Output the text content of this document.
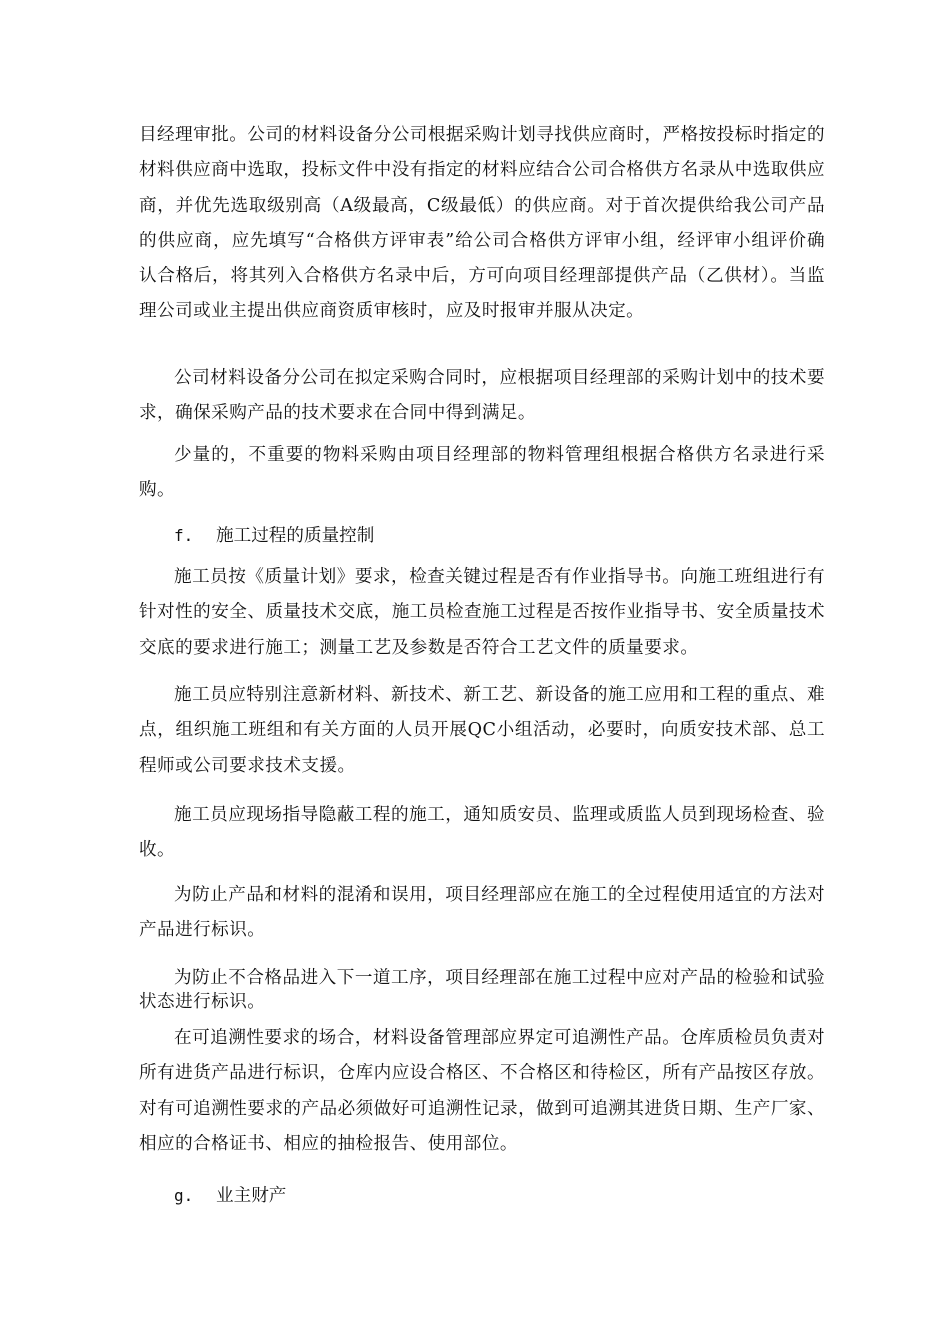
目经理审批。公司的材料设备分公司根据采购计划寻找供应商时，严格按投标时指定的材料供应商中选取，投标文件中没有指定的材料应结合公司合格供方名录从中选取供应商，并优先选取级别高（A级最高，C级最低）的供应商。对于首次提供给我公司产品的供应商，应先填写“合格供方评审表”给公司合格供方评审小组，经评审小组评价确认合格后，将其列入合格供方名录中后，方可向项目经理部提供产品（乙供材）。当监理公司或业主提出供应商资质审核时，应及时报审并服从决定。

公司材料设备分公司在拟定采购合同时，应根据项目经理部的采购计划中的技术要求，确保采购产品的技术要求在合同中得到满足。

少量的，不重要的物料采购由项目经理部的物料管理组根据合格供方名录进行采购。

f. 施工过程的质量控制

施工员按《质量计划》要求，检查关键过程是否有作业指导书。向施工班组进行有针对性的安全、质量技术交底，施工员检查施工过程是否按作业指导书、安全质量技术交底的要求进行施工；测量工艺及参数是否符合工艺文件的质量要求。

施工员应特别注意新材料、新技术、新工艺、新设备的施工应用和工程的重点、难点，组织施工班组和有关方面的人员开展QC小组活动，必要时，向质安技术部、总工程师或公司要求技术支援。

施工员应现场指导隐蔽工程的施工，通知质安员、监理或质监人员到现场检查、验收。

为防止产品和材料的混淆和误用，项目经理部应在施工的全过程使用适宜的方法对产品进行标识。

为防止不合格品进入下一道工序，项目经理部在施工过程中应对产品的检验和试验状态进行标识。

在可追溯性要求的场合，材料设备管理部应界定可追溯性产品。仓库质检员负责对所有进货产品进行标识，仓库内应设合格区、不合格区和待检区，所有产品按区存放。对有可追溯性要求的产品必须做好可追溯性记录，做到可追溯其进货日期、生产厂家、相应的合格证书、相应的抽检报告、使用部位。

g. 业主财产
